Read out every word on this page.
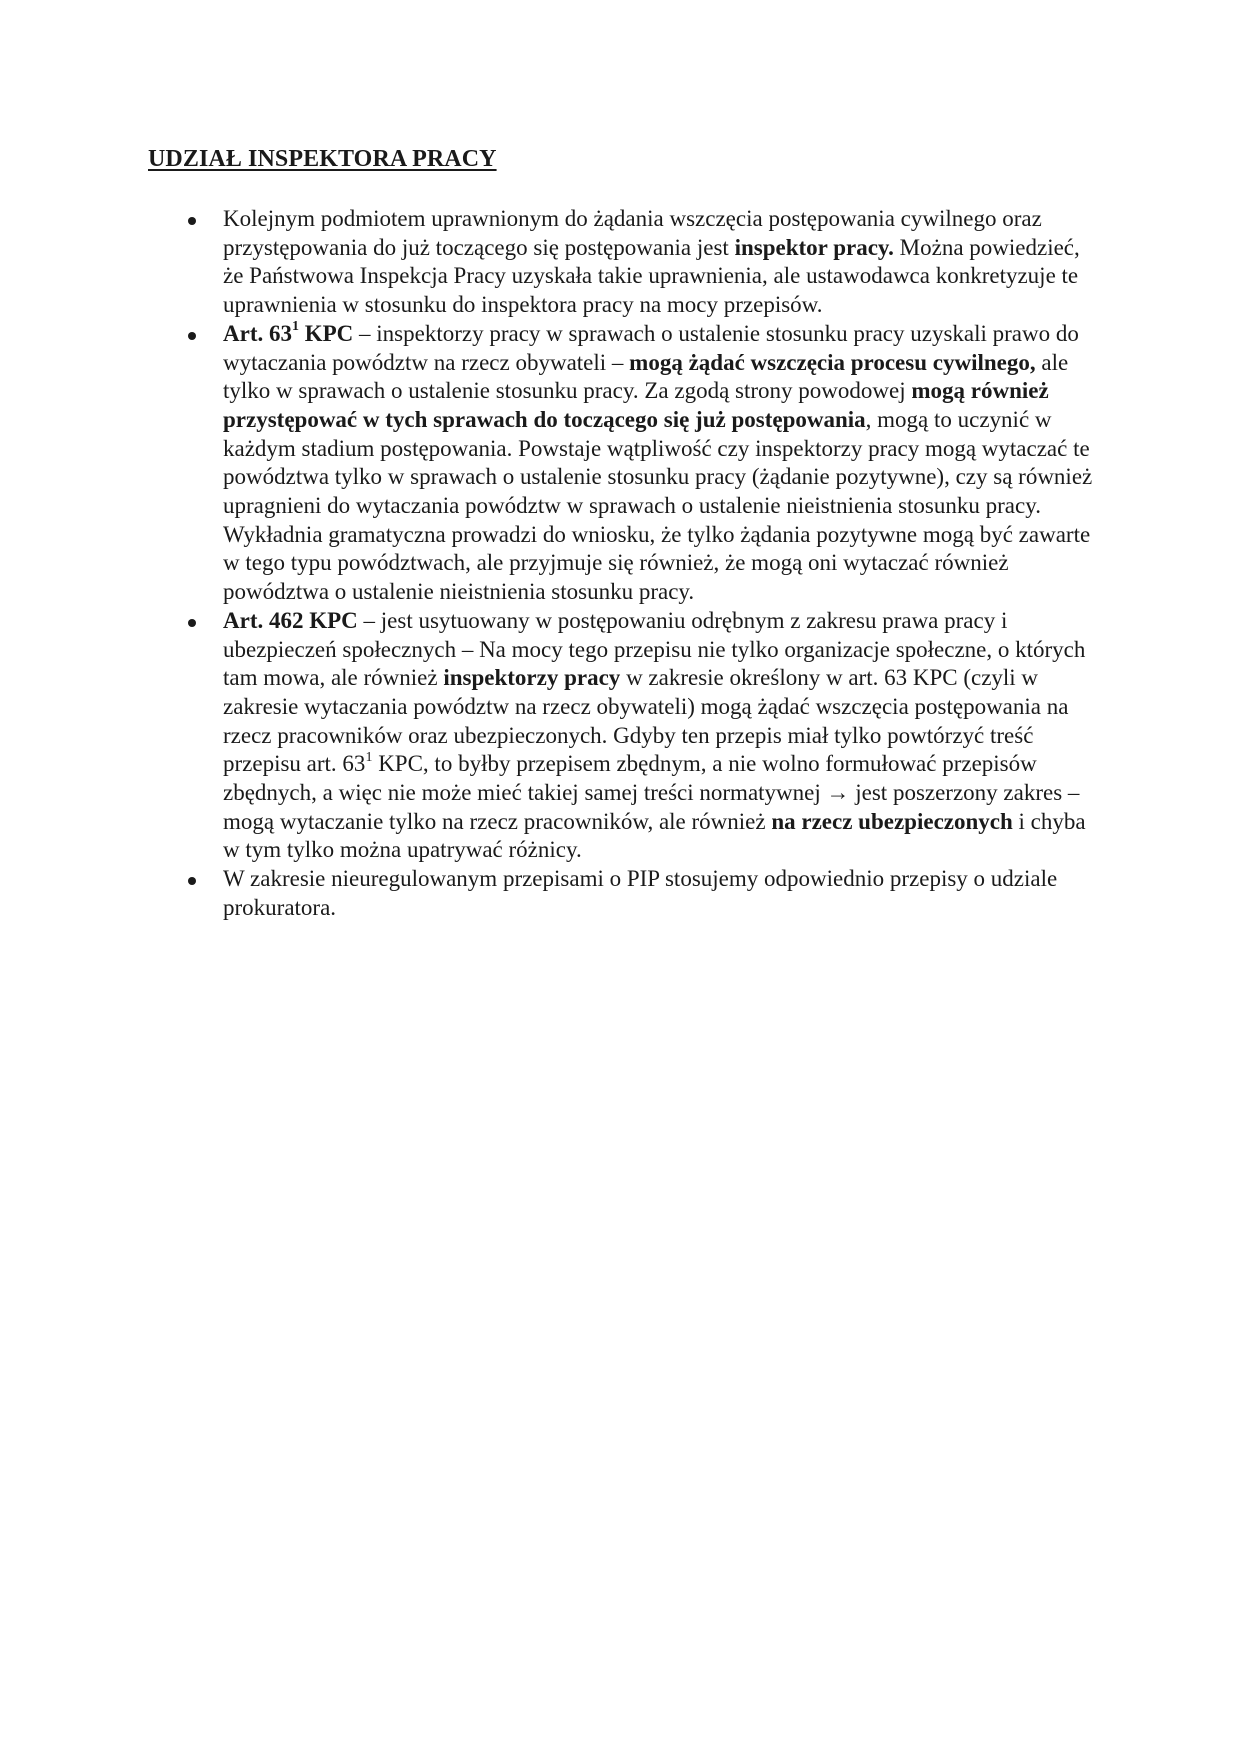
UDZIAŁ INSPEKTORA PRACY
Kolejnym podmiotem uprawnionym do żądania wszczęcia postępowania cywilnego oraz przystępowania do już toczącego się postępowania jest inspektor pracy. Można powiedzieć, że Państwowa Inspekcja Pracy uzyskała takie uprawnienia, ale ustawodawca konkretyzuje te uprawnienia w stosunku do inspektora pracy na mocy przepisów.
Art. $63^1$ KPC – inspektorzy pracy w sprawach o ustalenie stosunku pracy uzyskali prawo do wytaczania powództw na rzecz obywateli – mogą żądać wszczęcia procesu cywilnego, ale tylko w sprawach o ustalenie stosunku pracy. Za zgodą strony powodowej mogą również przystępować w tych sprawach do toczącego się już postępowania, mogą to uczynić w każdym stadium postępowania. Powstaje wątpliwość czy inspektorzy pracy mogą wytaczać te powództwa tylko w sprawach o ustalenie stosunku pracy (żądanie pozytywne), czy są również upragnieni do wytaczania powództw w sprawach o ustalenie nieistnienia stosunku pracy. Wykładnia gramatyczna prowadzi do wniosku, że tylko żądania pozytywne mogą być zawarte w tego typu powództwach, ale przyjmuje się również, że mogą oni wytaczać również powództwa o ustalenie nieistnienia stosunku pracy.
Art. 462 KPC – jest usytuowany w postępowaniu odrębnym z zakresu prawa pracy i ubezpieczeń społecznych – Na mocy tego przepisu nie tylko organizacje społeczne, o których tam mowa, ale również inspektorzy pracy w zakresie określony w art. 63 KPC (czyli w zakresie wytaczania powództw na rzecz obywateli) mogą żądać wszczęcia postępowania na rzecz pracowników oraz ubezpieczonych. Gdyby ten przepis miał tylko powtórzyć treść przepisu art. $63^1$ KPC, to byłby przepisem zbędnym, a nie wolno formułować przepisów zbędnych, a więc nie może mieć takiej samej treści normatywnej → jest poszerzony zakres – mogą wytaczanie tylko na rzecz pracowników, ale również na rzecz ubezpieczonych i chyba w tym tylko można upatrywać różnicy.
W zakresie nieuregulowanym przepisami o PIP stosujemy odpowiednio przepisy o udziale prokuratora.
